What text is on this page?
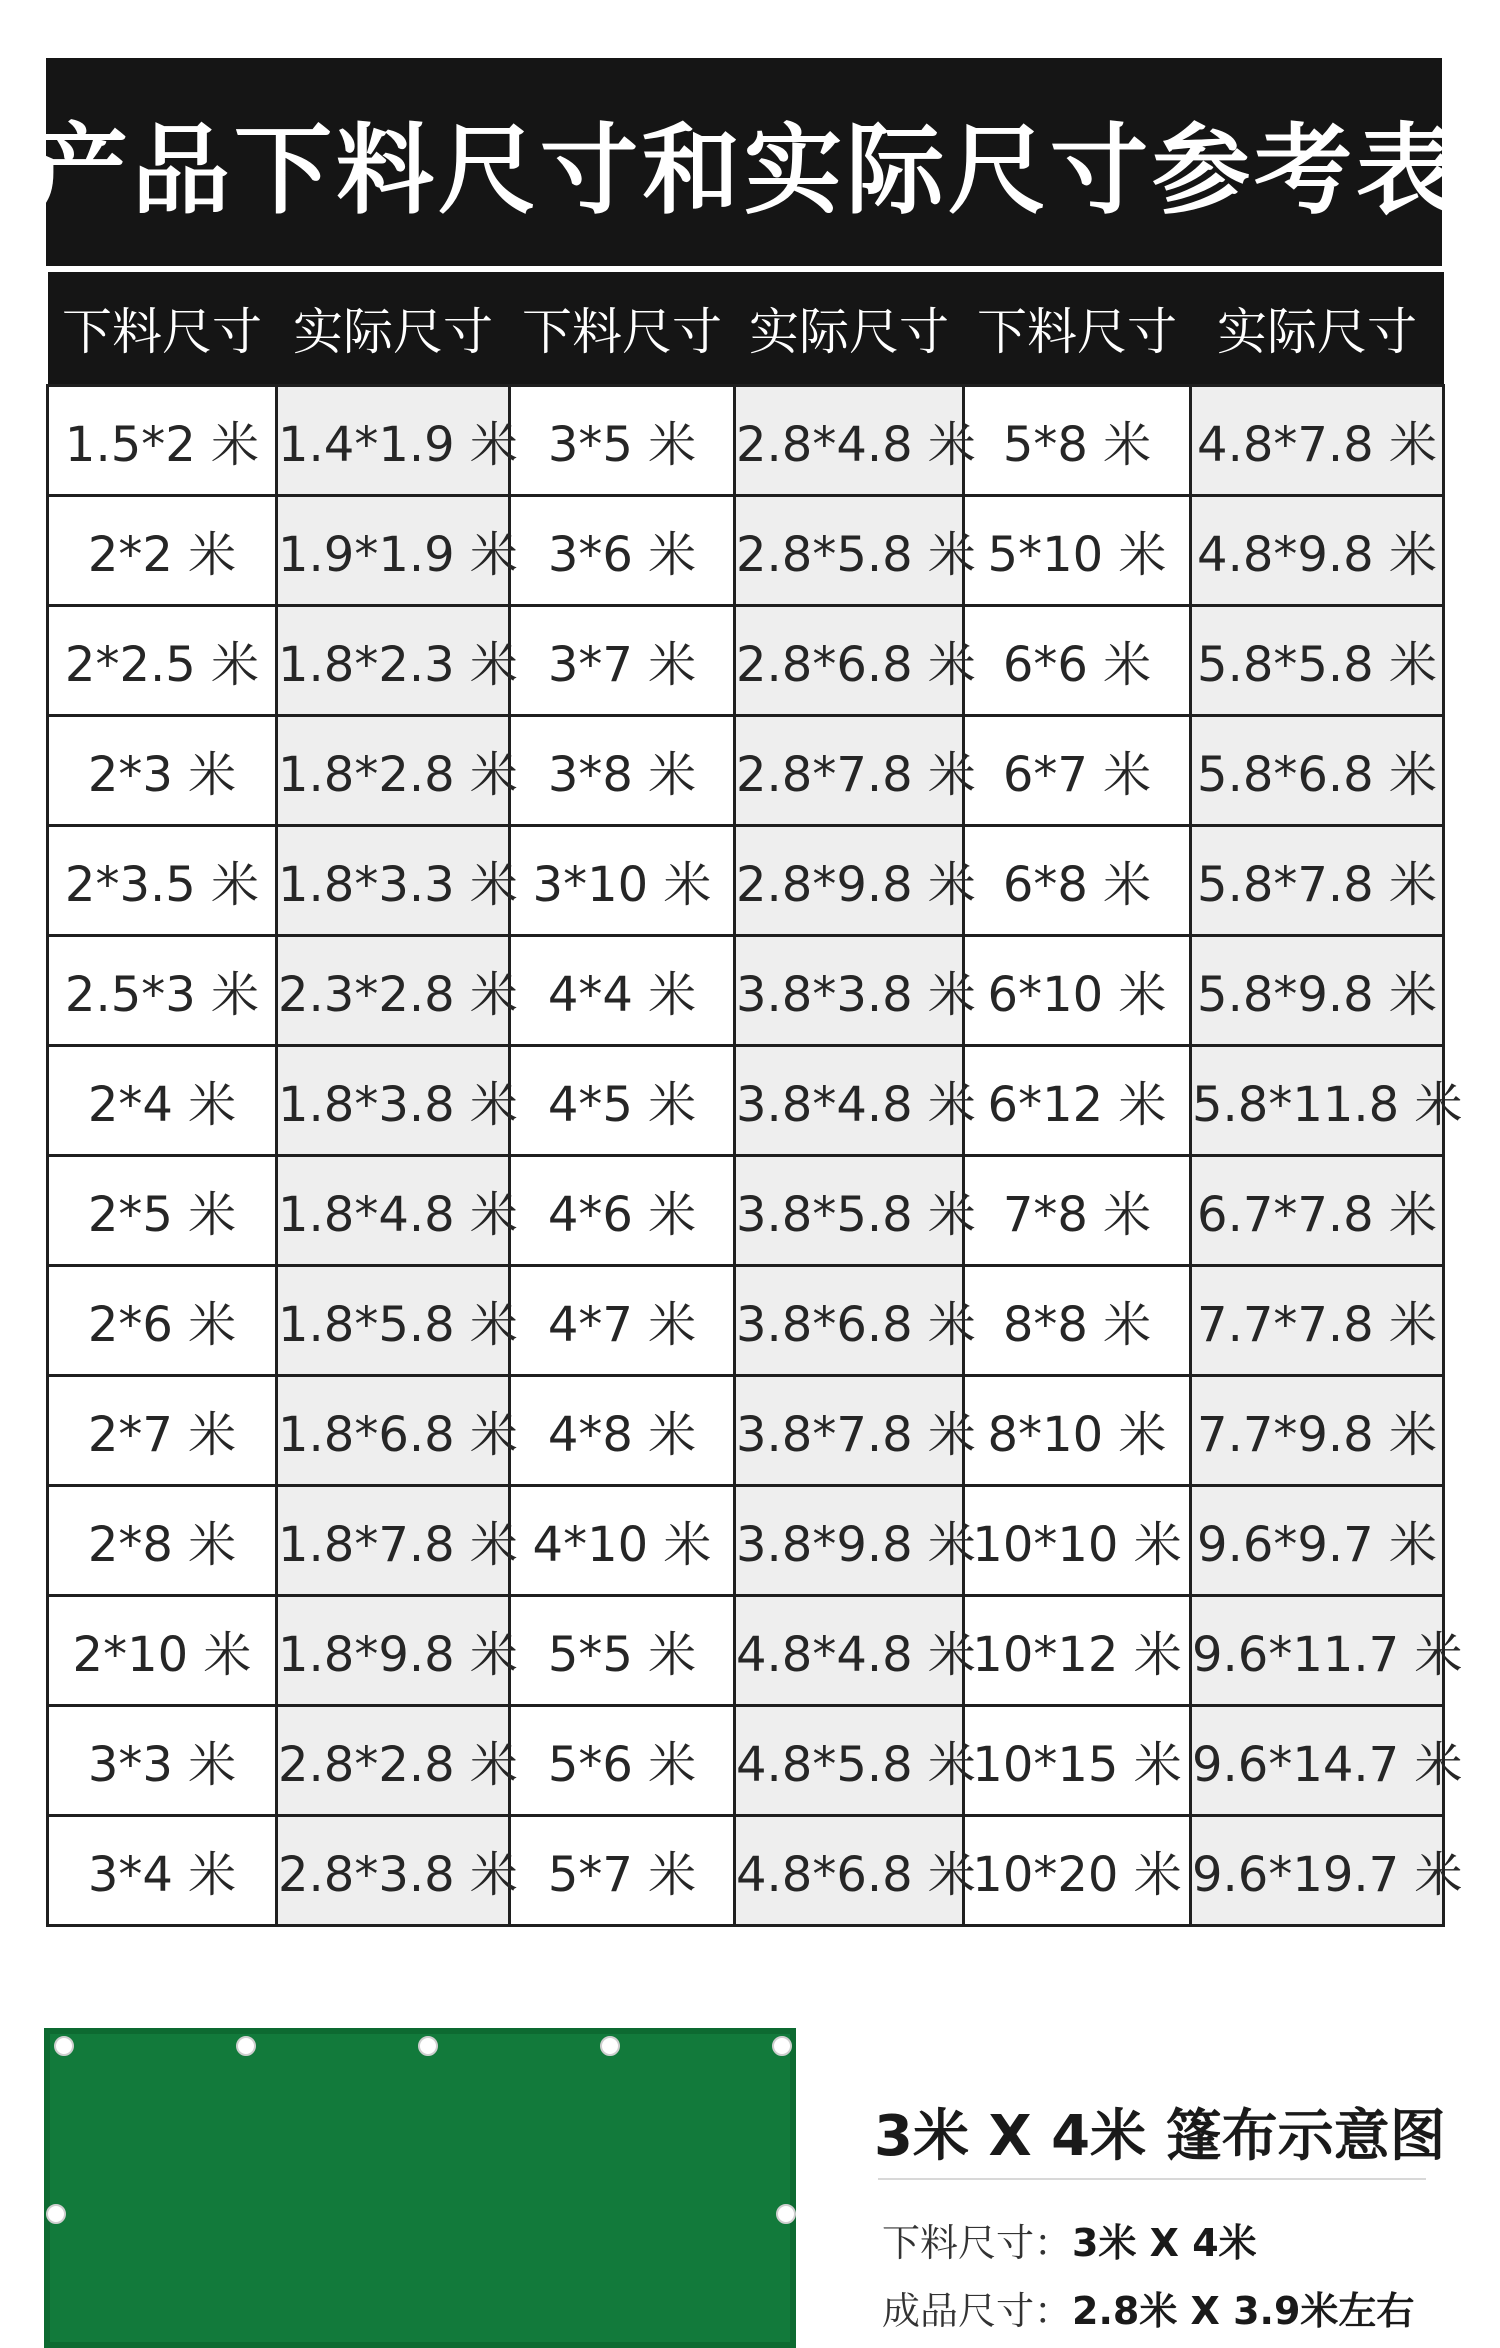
产品下料尺寸和实际尺寸参考表
下料尺寸	实际尺寸	下料尺寸	实际尺寸	下料尺寸	实际尺寸
1.5*2 米	1.4*1.9 米	3*5 米	2.8*4.8 米	5*8 米	4.8*7.8 米
2*2 米	1.9*1.9 米	3*6 米	2.8*5.8 米	5*10 米	4.8*9.8 米
2*2.5 米	1.8*2.3 米	3*7 米	2.8*6.8 米	6*6 米	5.8*5.8 米
2*3 米	1.8*2.8 米	3*8 米	2.8*7.8 米	6*7 米	5.8*6.8 米
2*3.5 米	1.8*3.3 米	3*10 米	2.8*9.8 米	6*8 米	5.8*7.8 米
2.5*3 米	2.3*2.8 米	4*4 米	3.8*3.8 米	6*10 米	5.8*9.8 米
2*4 米	1.8*3.8 米	4*5 米	3.8*4.8 米	6*12 米	5.8*11.8 米
2*5 米	1.8*4.8 米	4*6 米	3.8*5.8 米	7*8 米	6.7*7.8 米
2*6 米	1.8*5.8 米	4*7 米	3.8*6.8 米	8*8 米	7.7*7.8 米
2*7 米	1.8*6.8 米	4*8 米	3.8*7.8 米	8*10 米	7.7*9.8 米
2*8 米	1.8*7.8 米	4*10 米	3.8*9.8 米	10*10 米	9.6*9.7 米
2*10 米	1.8*9.8 米	5*5 米	4.8*4.8 米	10*12 米	9.6*11.7 米
3*3 米	2.8*2.8 米	5*6 米	4.8*5.8 米	10*15 米	9.6*14.7 米
3*4 米	2.8*3.8 米	5*7 米	4.8*6.8 米	10*20 米	9.6*19.7 米
3米 X 4米 篷布示意图
下料尺寸：3米 X 4米
成品尺寸：2.8米 X 3.9米左右
